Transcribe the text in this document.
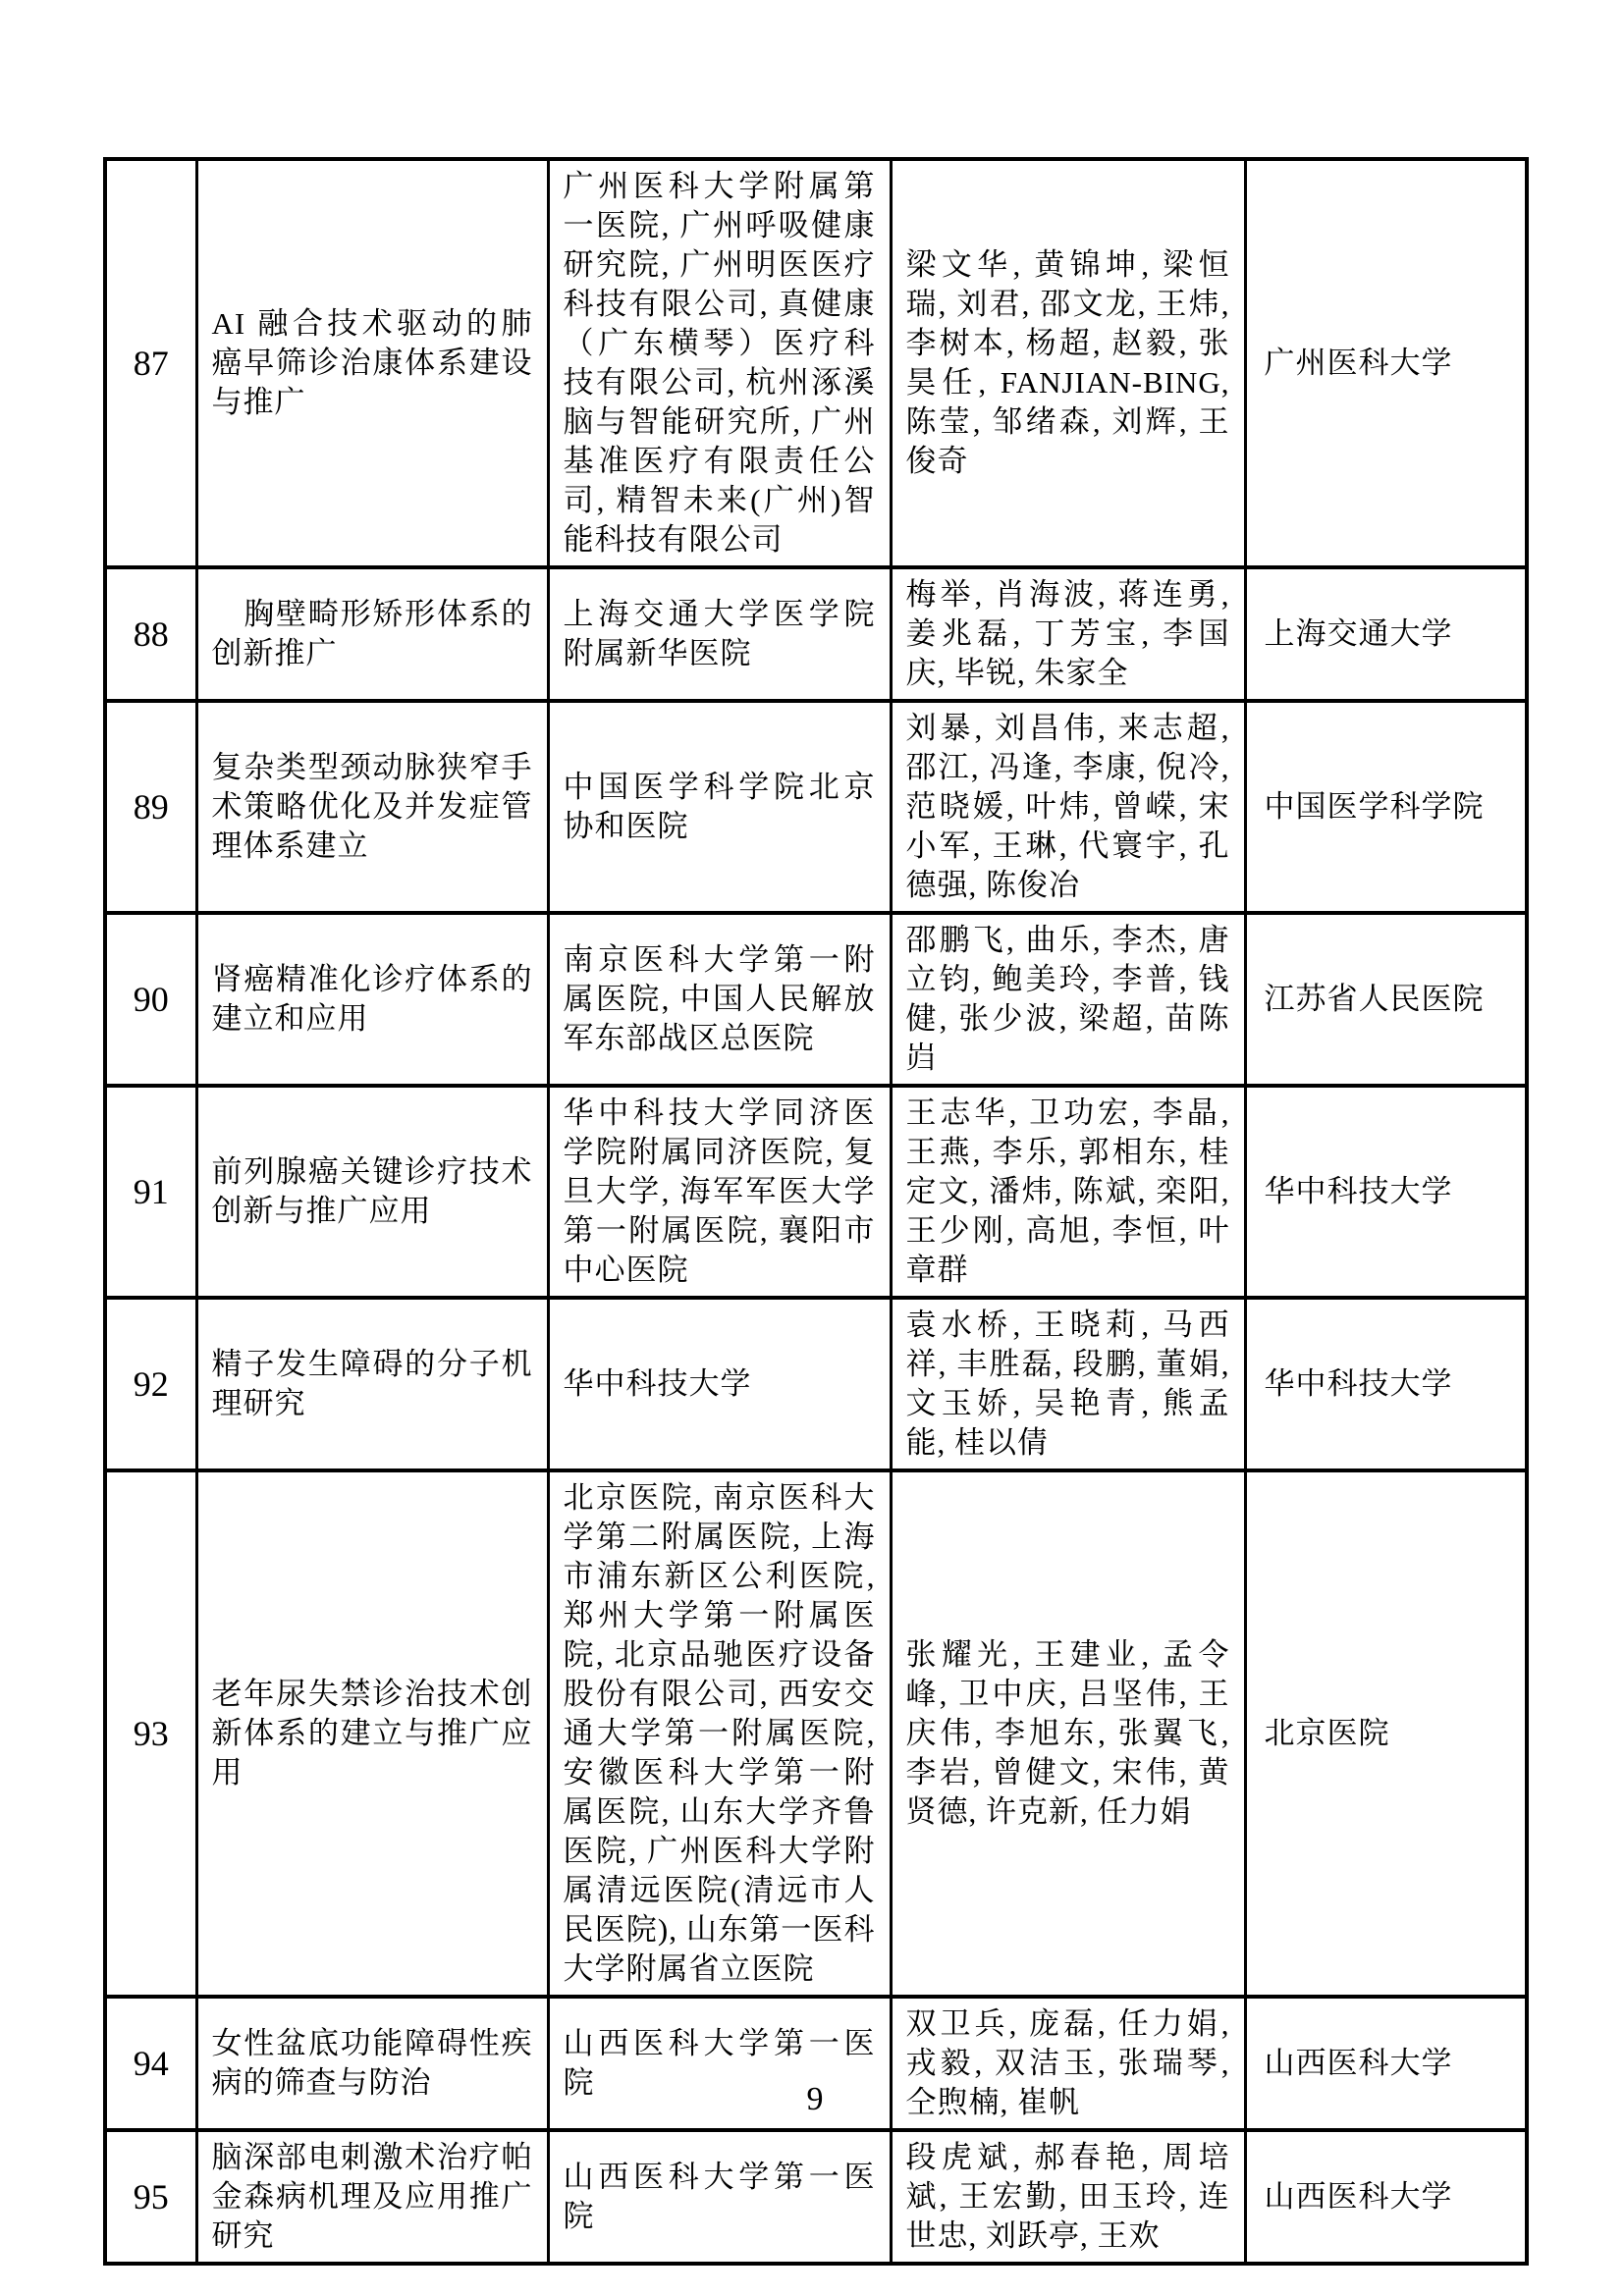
87	AI 融合技术驱动的肺癌早筛诊治康体系建设与推广	广州医科大学附属第一医院, 广州呼吸健康研究院, 广州明医医疗科技有限公司, 真健康（广东横琴）医疗科技有限公司, 杭州涿溪脑与智能研究所, 广州基准医疗有限责任公司, 精智未来(广州)智能科技有限公司	梁文华, 黄锦坤, 梁恒瑞, 刘君, 邵文龙, 王炜, 李树本, 杨超, 赵毅, 张昊任, FANJIAN-BING, 陈莹, 邹绪森, 刘辉, 王俊奇	广州医科大学
88	　胸壁畸形矫形体系的创新推广	上海交通大学医学院附属新华医院	梅举, 肖海波, 蒋连勇, 姜兆磊, 丁芳宝, 李国庆, 毕锐, 朱家全	上海交通大学
89	复杂类型颈动脉狭窄手术策略优化及并发症管理体系建立	中国医学科学院北京协和医院	刘暴, 刘昌伟, 来志超, 邵江, 冯逢, 李康, 倪冷, 范晓媛, 叶炜, 曾嵘, 宋小军, 王琳, 代寰宇, 孔德强, 陈俊冶	中国医学科学院
90	肾癌精准化诊疗体系的建立和应用	南京医科大学第一附属医院, 中国人民解放军东部战区总医院	邵鹏飞, 曲乐, 李杰, 唐立钧, 鲍美玲, 李普, 钱健, 张少波, 梁超, 苗陈岿	江苏省人民医院
91	前列腺癌关键诊疗技术创新与推广应用	华中科技大学同济医学院附属同济医院, 复旦大学, 海军军医大学第一附属医院, 襄阳市中心医院	王志华, 卫功宏, 李晶, 王燕, 李乐, 郭相东, 桂定文, 潘炜, 陈斌, 栾阳, 王少刚, 高旭, 李恒, 叶章群	华中科技大学
92	精子发生障碍的分子机理研究	华中科技大学	袁水桥, 王晓莉, 马西祥, 丰胜磊, 段鹏, 董娟, 文玉娇, 吴艳青, 熊孟能, 桂以倩	华中科技大学
93	老年尿失禁诊治技术创新体系的建立与推广应用	北京医院, 南京医科大学第二附属医院, 上海市浦东新区公利医院, 郑州大学第一附属医院, 北京品驰医疗设备股份有限公司, 西安交通大学第一附属医院, 安徽医科大学第一附属医院, 山东大学齐鲁医院, 广州医科大学附属清远医院(清远市人民医院), 山东第一医科大学附属省立医院	张耀光, 王建业, 孟令峰, 卫中庆, 吕坚伟, 王庆伟, 李旭东, 张翼飞, 李岩, 曾健文, 宋伟, 黄贤德, 许克新, 任力娟	北京医院
94	女性盆底功能障碍性疾病的筛查与防治	山西医科大学第一医院	双卫兵, 庞磊, 任力娟, 戎毅, 双洁玉, 张瑞琴, 仝煦楠, 崔帆	山西医科大学
95	脑深部电刺激术治疗帕金森病机理及应用推广研究	山西医科大学第一医院	段虎斌, 郝春艳, 周培斌, 王宏勤, 田玉玲, 连世忠, 刘跃亭, 王欢	山西医科大学
9
